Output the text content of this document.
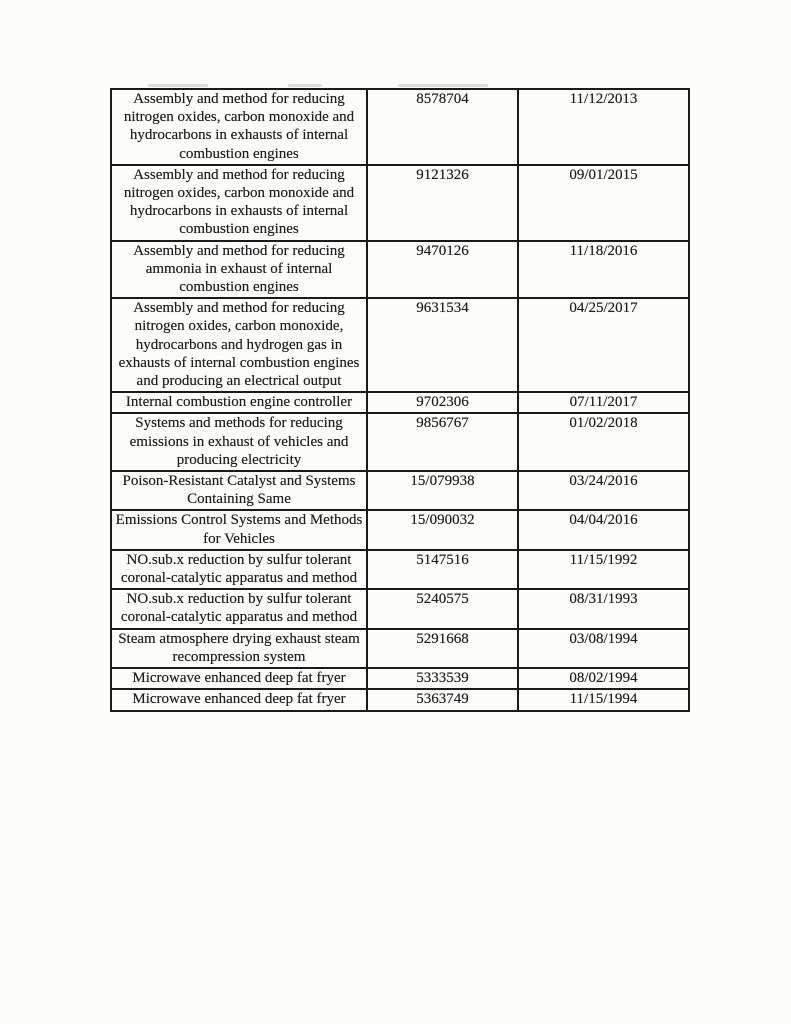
Assembly and method for reducing nitrogen oxides, carbon monoxide and hydrocarbons in exhausts of internal combustion engines	8578704	11/12/2013
Assembly and method for reducing nitrogen oxides, carbon monoxide and hydrocarbons in exhausts of internal combustion engines	9121326	09/01/2015
Assembly and method for reducing ammonia in exhaust of internal combustion engines	9470126	11/18/2016
Assembly and method for reducing nitrogen oxides, carbon monoxide, hydrocarbons and hydrogen gas in exhausts of internal combustion engines and producing an electrical output	9631534	04/25/2017
Internal combustion engine controller	9702306	07/11/2017
Systems and methods for reducing emissions in exhaust of vehicles and producing electricity	9856767	01/02/2018
Poison-Resistant Catalyst and Systems Containing Same	15/079938	03/24/2016
Emissions Control Systems and Methods for Vehicles	15/090032	04/04/2016
NO.sub.x reduction by sulfur tolerant coronal-catalytic apparatus and method	5147516	11/15/1992
NO.sub.x reduction by sulfur tolerant coronal-catalytic apparatus and method	5240575	08/31/1993
Steam atmosphere drying exhaust steam recompression system	5291668	03/08/1994
Microwave enhanced deep fat fryer	5333539	08/02/1994
Microwave enhanced deep fat fryer	5363749	11/15/1994
